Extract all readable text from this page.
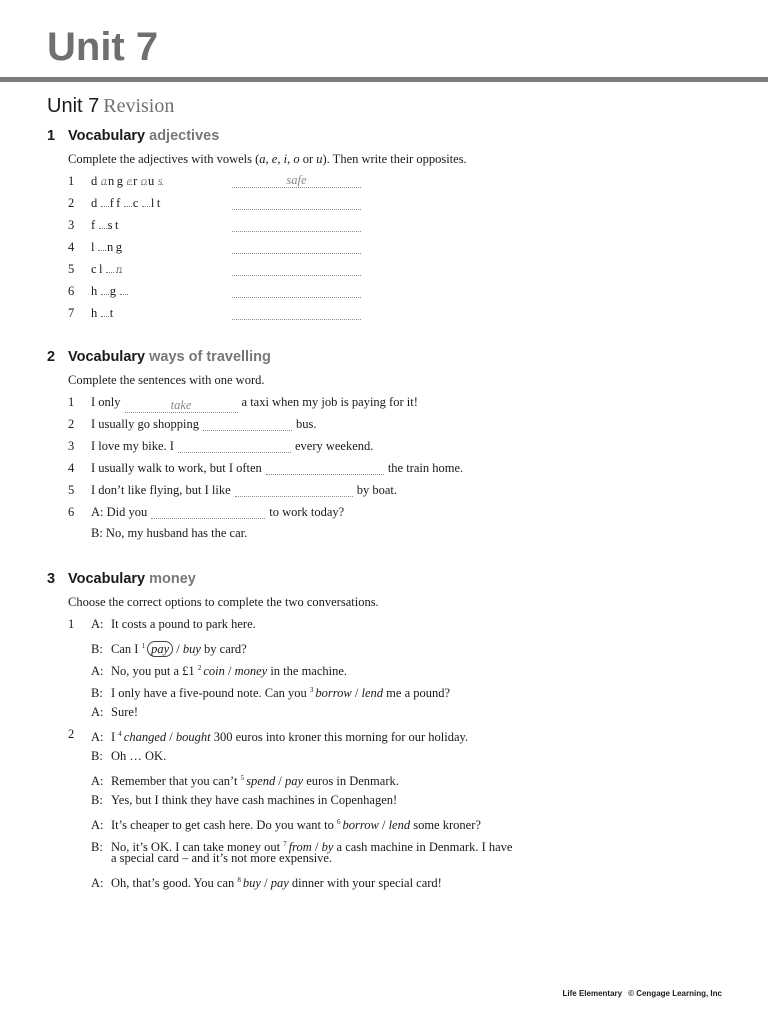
Unit 7
Unit 7 Revision
1 Vocabulary adjectives
Complete the adjectives with vowels (a, e, i, o or u). Then write their opposites.
1 dangerous	safe
2 d ff c lt
3 f st
4 l ng
5 cl n
6 h g
7 h t
2 Vocabulary ways of travelling
Complete the sentences with one word.
1 I only	take	a taxi when my job is paying for it!
2 I usually go shopping	bus.
3 I love my bike. I	every weekend.
4 I usually walk to work, but I often	the train home.
5 I don’t like flying, but I like	by boat.
6 A: Did you	to work today?
B: No, my husband has the car.
3 Vocabulary money
Choose the correct options to complete the two conversations.
1 A: It costs a pound to park here.
B: Can I $^1$ pay / buy by card?
A: No, you put a £1 $^2$ coin / money in the machine.
B: I only have a five-pound note. Can you $^3$ borrow / lend me a pound?
A: Sure!
2 A: I $^4$ changed / bought 300 euros into kroner this morning for our holiday.
B: Oh … OK.
A: Remember that you can’t $^5$ spend / pay euros in Denmark.
B: Yes, but I think they have cash machines in Copenhagen!
A: It’s cheaper to get cash here. Do you want to $^6$ borrow / lend some kroner?
B: No, it’s OK. I can take money out $^7$ from / by a cash machine in Denmark. I have
a special card – and it’s not more expensive.
A: Oh, that’s good. You can $^8$ buy / pay dinner with your special card!
Life Elementary © Cengage Learning, Inc
